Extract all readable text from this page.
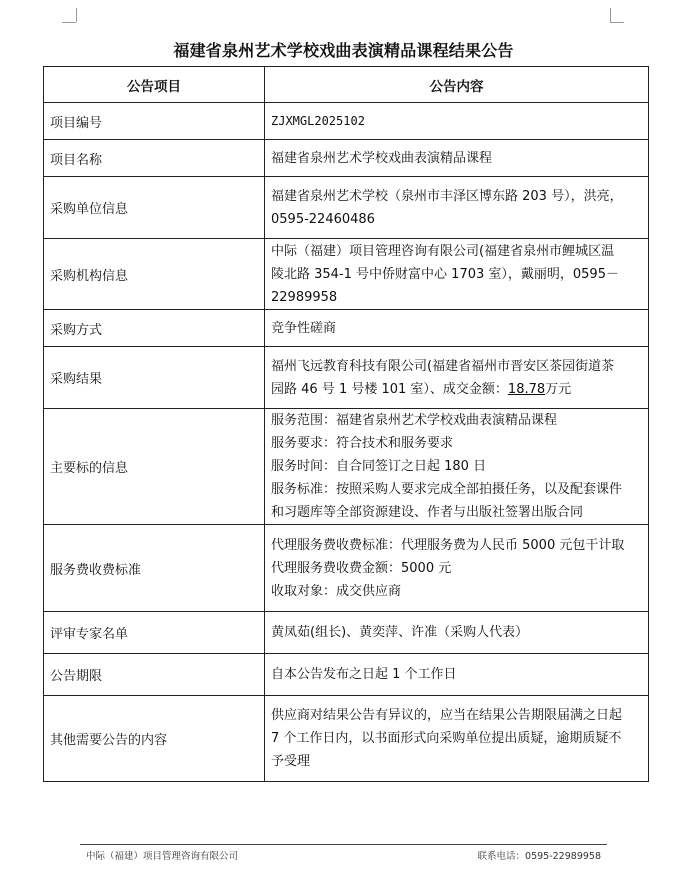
福建省泉州艺术学校戏曲表演精品课程结果公告
公告项目	公告内容
项目编号	ZJXMGL2025102
项目名称	福建省泉州艺术学校戏曲表演精品课程
采购单位信息	福建省泉州艺术学校（泉州市丰泽区博东路 203 号），洪亮，
0595-22460486

采购机构信息	中际（福建）项目管理咨询有限公司(福建省泉州市鲤城区温
陵北路 354-1 号中侨财富中心 1703 室），戴丽明，0595－
22989958

采购方式	竞争性磋商
采购结果	福州飞远教育科技有限公司(福建省福州市晋安区茶园街道茶
园路 46 号 1 号楼 101 室）、成交金额：18.78万元

主要标的信息	服务范围：福建省泉州艺术学校戏曲表演精品课程
服务要求：符合技术和服务要求
服务时间：自合同签订之日起 180 日
服务标准：按照采购人要求完成全部拍摄任务，以及配套课件
和习题库等全部资源建设、作者与出版社签署出版合同

服务费收费标准	代理服务费收费标准：代理服务费为人民币 5000 元包干计取
代理服务费收费金额：5000 元
收取对象：成交供应商

评审专家名单	黄凤茹(组长)、黄奕萍、许准（采购人代表）
公告期限	自本公告发布之日起 1 个工作日
其他需要公告的内容	供应商对结果公告有异议的，应当在结果公告期限届满之日起
7 个工作日内，以书面形式向采购单位提出质疑，逾期质疑不
予受理
中际（福建）项目管理咨询有限公司	联系电话：0595-22989958
